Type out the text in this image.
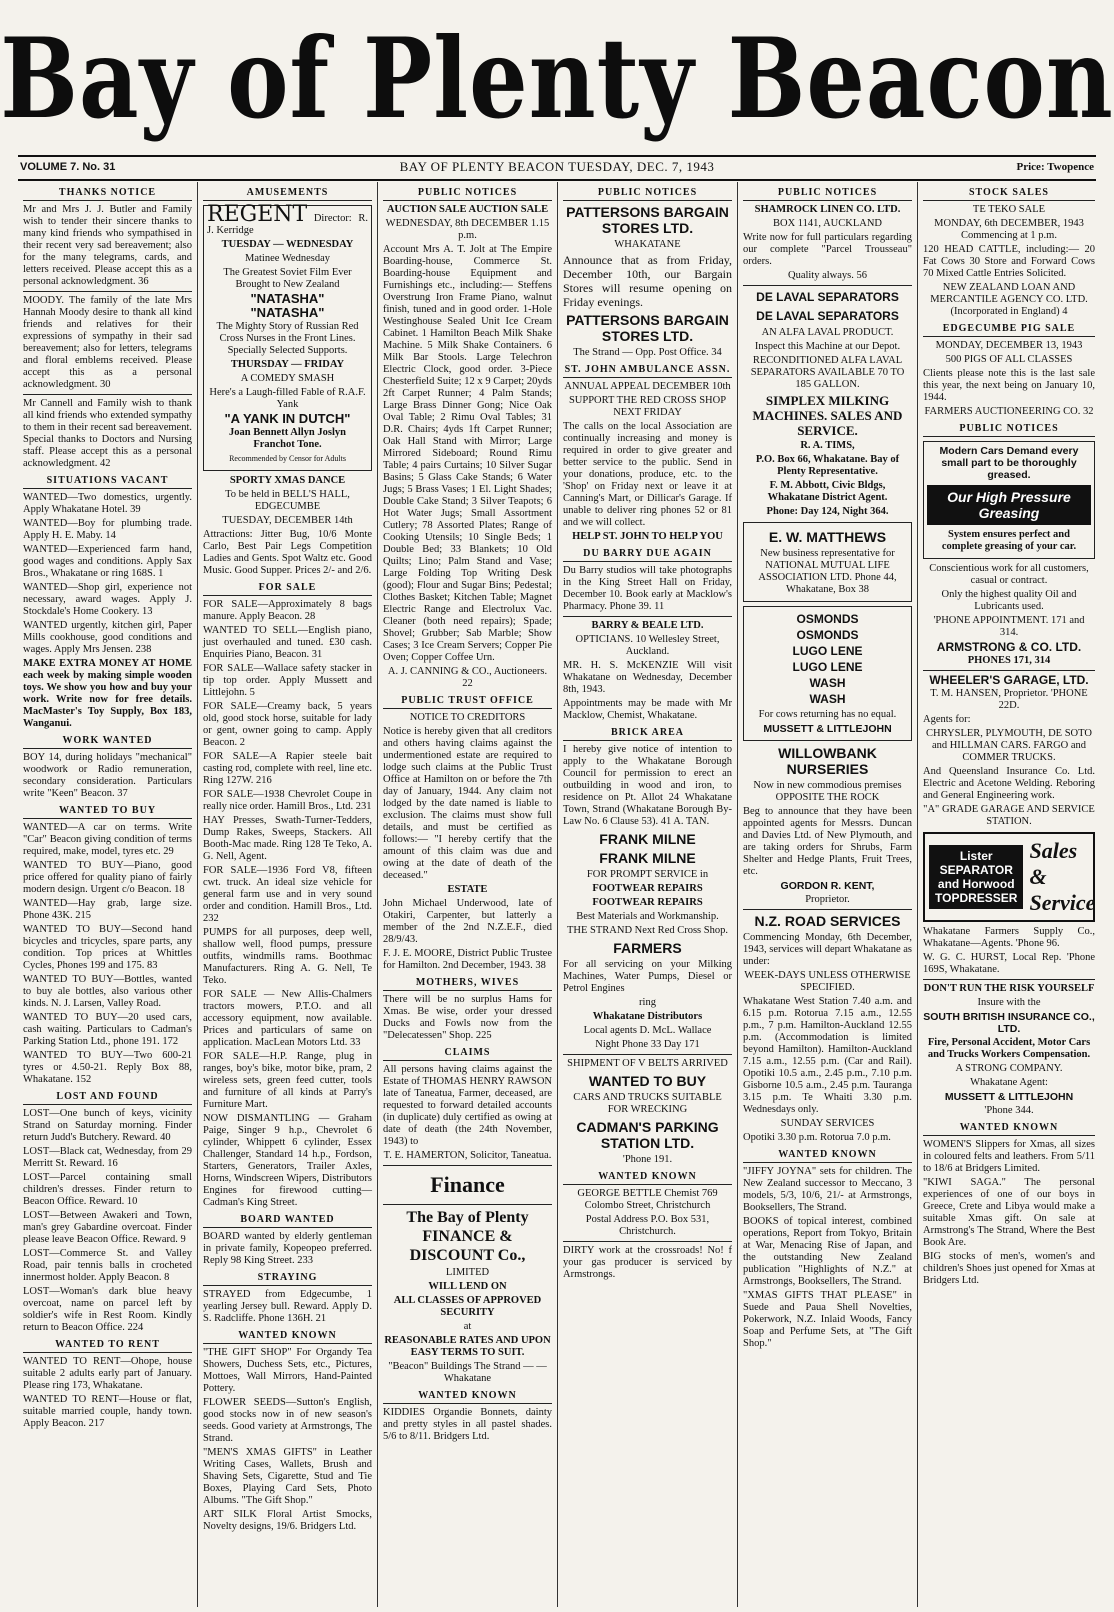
Bay of Plenty Beacon
VOLUME 7. No. 31	BAY OF PLENTY BEACON TUESDAY, DEC. 7, 1943	Price: Twopence
THANKS NOTICE

Mr and Mrs J. J. Butler and Family wish to tender their sincere thanks to many kind friends who sympathised in their recent very sad bereavement; also for the many telegrams, cards, and letters received. Please accept this as a personal acknowledgment. 36

MOODY. The family of the late Mrs Hannah Moody desire to thank all kind friends and relatives for their expressions of sympathy in their sad bereavement; also for letters, telegrams and floral emblems received. Please accept this as a personal acknowledgment. 30

Mr Cannell and Family wish to thank all kind friends who extended sympathy to them in their recent sad bereavement. Special thanks to Doctors and Nursing staff. Please accept this as a personal acknowledgment. 42

SITUATIONS VACANT

WANTED—Two domestics, urgently. Apply Whakatane Hotel. 39

WANTED—Boy for plumbing trade. Apply H. E. Maby. 14

WANTED—Experienced farm hand, good wages and conditions. Apply Sax Bros., Whakatane or ring 168S. 1

WANTED—Shop girl, experience not necessary, award wages. Apply J. Stockdale's Home Cookery. 13

WANTED urgently, kitchen girl, Paper Mills cookhouse, good conditions and wages. Apply Mrs Jensen. 238

MAKE EXTRA MONEY AT HOME each week by making simple wooden toys. We show you how and buy your work. Write now for free details. MacMaster's Toy Supply, Box 183, Wanganui.

WORK WANTED

BOY 14, during holidays "mechanical" woodwork or Radio remuneration, secondary consideration. Particulars write "Keen" Beacon. 37

WANTED TO BUY

WANTED—A car on terms. Write "Car" Beacon giving condition of terms required, make, model, tyres etc. 29

WANTED TO BUY—Piano, good price offered for quality piano of fairly modern design. Urgent c/o Beacon. 18

WANTED—Hay grab, large size. Phone 43K. 215

WANTED TO BUY—Second hand bicycles and tricycles, spare parts, any condition. Top prices at Whittles Cycles, Phones 199 and 175. 83

WANTED TO BUY—Bottles, wanted to buy ale bottles, also various other kinds. N. J. Larsen, Valley Road.

WANTED TO BUY—20 used cars, cash waiting. Particulars to Cadman's Parking Station Ltd., phone 191. 172

WANTED TO BUY—Two 600-21 tyres or 4.50-21. Reply Box 88, Whakatane. 152

LOST AND FOUND

LOST—One bunch of keys, vicinity Strand on Saturday morning. Finder return Judd's Butchery. Reward. 40

LOST—Black cat, Wednesday, from 29 Merritt St. Reward. 16

LOST—Parcel containing small children's dresses. Finder return to Beacon Office. Reward. 10

LOST—Between Awakeri and Town, man's grey Gabardine overcoat. Finder please leave Beacon Office. Reward. 9

LOST—Commerce St. and Valley Road, pair tennis balls in crocheted innermost holder. Apply Beacon. 8

LOST—Woman's dark blue heavy overcoat, name on parcel left by soldier's wife in Rest Room. Kindly return to Beacon Office. 224

WANTED TO RENT

WANTED TO RENT—Ohope, house suitable 2 adults early part of January. Please ring 173, Whakatane.

WANTED TO RENT—House or flat, suitable married couple, handy town. Apply Beacon. 217

AMUSEMENTS

REGENT Director: R. J. Kerridge

TUESDAY — WEDNESDAY

Matinee Wednesday

The Greatest Soviet Film Ever Brought to New Zealand

"NATASHA"

"NATASHA"

The Mighty Story of Russian Red Cross Nurses in the Front Lines. Specially Selected Supports.

THURSDAY — FRIDAY

A COMEDY SMASH

Here's a Laugh-filled Fable of R.A.F. Yank

"A YANK IN DUTCH"

Joan Bennett Allyn Joslyn Franchot Tone.

Recommended by Censor for Adults

SPORTY XMAS DANCE

To be held in BELL'S HALL, EDGECUMBE

TUESDAY, DECEMBER 14th

Attractions: Jitter Bug, 10/6 Monte Carlo, Best Pair Legs Competition Ladies and Gents. Spot Waltz etc. Good Music. Good Supper. Prices 2/- and 2/6.

FOR SALE

FOR SALE—Approximately 8 bags manure. Apply Beacon. 28

WANTED TO SELL—English piano, just overhauled and tuned. £30 cash. Enquiries Piano, Beacon. 31

FOR SALE—Wallace safety stacker in tip top order. Apply Mussett and Littlejohn. 5

FOR SALE—Creamy back, 5 years old, good stock horse, suitable for lady or gent, owner going to camp. Apply Beacon. 2

FOR SALE—A Rapier steele bait casting rod, complete with reel, line etc. Ring 127W. 216

FOR SALE—1938 Chevrolet Coupe in really nice order. Hamill Bros., Ltd. 231

HAY Presses, Swath-Turner-Tedders, Dump Rakes, Sweeps, Stackers. All Booth-Mac made. Ring 128 Te Teko, A. G. Nell, Agent.

FOR SALE—1936 Ford V8, fifteen cwt. truck. An ideal size vehicle for general farm use and in very sound order and condition. Hamill Bros., Ltd. 232

PUMPS for all purposes, deep well, shallow well, flood pumps, pressure outfits, windmills rams. Boothmac Manufacturers. Ring A. G. Nell, Te Teko.

FOR SALE — New Allis-Chalmers tractors mowers, P.T.O. and all accessory equipment, now available. Prices and particulars of same on application. MacLean Motors Ltd. 33

FOR SALE—H.P. Range, plug in ranges, boy's bike, motor bike, pram, 2 wireless sets, green feed cutter, tools and furniture of all kinds at Parry's Furniture Mart.

NOW DISMANTLING — Graham Paige, Singer 9 h.p., Chevrolet 6 cylinder, Whippett 6 cylinder, Essex Challenger, Standard 14 h.p., Fordson, Starters, Generators, Trailer Axles, Horns, Windscreen Wipers, Distributors Engines for firewood cutting—Cadman's King Street.

BOARD WANTED

BOARD wanted by elderly gentleman in private family, Kopeopeo preferred. Reply 98 King Street. 233

STRAYING

STRAYED from Edgecumbe, 1 yearling Jersey bull. Reward. Apply D. S. Radcliffe. Phone 136H. 21

WANTED KNOWN

"THE GIFT SHOP" For Organdy Tea Showers, Duchess Sets, etc., Pictures, Mottoes, Wall Mirrors, Hand-Painted Pottery.

FLOWER SEEDS—Sutton's English, good stocks now in of new season's seeds. Good variety at Armstrongs, The Strand.

"MEN'S XMAS GIFTS" in Leather Writing Cases, Wallets, Brush and Shaving Sets, Cigarette, Stud and Tie Boxes, Playing Card Sets, Photo Albums. "The Gift Shop."

ART SILK Floral Artist Smocks, Novelty designs, 19/6. Bridgers Ltd.

PUBLIC NOTICES

AUCTION SALE AUCTION SALE

WEDNESDAY, 8th DECEMBER 1.15 p.m.

Account Mrs A. T. Jolt at The Empire Boarding-house, Commerce St. Boarding-house Equipment and Furnishings etc., including:— Steffens Overstrung Iron Frame Piano, walnut finish, tuned and in good order. 1-Hole Westinghouse Sealed Unit Ice Cream Cabinet. 1 Hamilton Beach Milk Shake Machine. 5 Milk Shake Containers. 6 Milk Bar Stools. Large Telechron Electric Clock, good order. 3-Piece Chesterfield Suite; 12 x 9 Carpet; 20yds 2ft Carpet Runner; 4 Palm Stands; Large Brass Dinner Gong; Nice Oak Oval Table; 2 Rimu Oval Tables; 31 D.R. Chairs; 4yds 1ft Carpet Runner; Oak Hall Stand with Mirror; Large Mirrored Sideboard; Round Rimu Table; 4 pairs Curtains; 10 Silver Sugar Basins; 5 Glass Cake Stands; 6 Water Jugs; 5 Brass Vases; 1 El. Light Shades; Double Cake Stand; 3 Silver Teapots; 6 Hot Water Jugs; Small Assortment Cutlery; 78 Assorted Plates; Range of Cooking Utensils; 10 Single Beds; 1 Double Bed; 33 Blankets; 10 Old Quilts; Lino; Palm Stand and Vase; Large Folding Top Writing Desk (good); Flour and Sugar Bins; Pedestal; Clothes Basket; Kitchen Table; Magnet Electric Range and Electrolux Vac. Cleaner (both need repairs); Spade; Shovel; Grubber; Sab Marble; Show Cases; 3 Ice Cream Servers; Copper Pie Oven; Copper Coffee Urn.

A. J. CANNING & CO., Auctioneers. 22

PUBLIC TRUST OFFICE

NOTICE TO CREDITORS

Notice is hereby given that all creditors and others having claims against the undermentioned estate are required to lodge such claims at the Public Trust Office at Hamilton on or before the 7th day of January, 1944. Any claim not lodged by the date named is liable to exclusion. The claims must show full details, and must be certified as follows:— "I hereby certify that the amount of this claim was due and owing at the date of death of the deceased."

ESTATE

John Michael Underwood, late of Otakiri, Carpenter, but latterly a member of the 2nd N.Z.E.F., died 28/9/43.

F. J. E. MOORE, District Public Trustee for Hamilton. 2nd December, 1943. 38

MOTHERS, WIVES

There will be no surplus Hams for Xmas. Be wise, order your dressed Ducks and Fowls now from the "Delecatessen" Shop. 225

CLAIMS

All persons having claims against the Estate of THOMAS HENRY RAWSON late of Taneatua, Farmer, deceased, are requested to forward detailed accounts (in duplicate) duly certified as owing at date of death (the 24th November, 1943) to

T. E. HAMERTON, Solicitor, Taneatua.

Finance

The Bay of Plenty FINANCE & DISCOUNT Co.,

LIMITED

WILL LEND ON

ALL CLASSES OF APPROVED SECURITY

at

REASONABLE RATES AND UPON EASY TERMS TO SUIT.

"Beacon" Buildings The Strand — — Whakatane

WANTED KNOWN

KIDDIES Organdie Bonnets, dainty and pretty styles in all pastel shades. 5/6 to 8/11. Bridgers Ltd.

PUBLIC NOTICES
PATTERSONS BARGAIN STORES LTD.

WHAKATANE

Announce that as from Friday, December 10th, our Bargain Stores will resume opening on Friday evenings.

PATTERSONS BARGAIN STORES LTD.

The Strand — Opp. Post Office. 34

ST. JOHN AMBULANCE ASSN.

ANNUAL APPEAL DECEMBER 10th

SUPPORT THE RED CROSS SHOP NEXT FRIDAY

The calls on the local Association are continually increasing and money is required in order to give greater and better service to the public. Send in your donations, produce, etc. to the 'Shop' on Friday next or leave it at Canning's Mart, or Dillicar's Garage. If unable to deliver ring phones 52 or 81 and we will collect.

HELP ST. JOHN TO HELP YOU

DU BARRY DUE AGAIN

Du Barry studios will take photographs in the King Street Hall on Friday, December 10. Book early at Macklow's Pharmacy. Phone 39. 11

BARRY & BEALE LTD.

OPTICIANS. 10 Wellesley Street, Auckland.

MR. H. S. McKENZIE Will visit Whakatane on Wednesday, December 8th, 1943.

Appointments may be made with Mr Macklow, Chemist, Whakatane.

BRICK AREA

I hereby give notice of intention to apply to the Whakatane Borough Council for permission to erect an outbuilding in wood and iron, to residence on Pt. Allot 24 Whakatane Town, Strand (Whakatane Borough By-Law No. 6 Clause 53). 41 A. TAN.

FRANK MILNE
FRANK MILNE

FOR PROMPT SERVICE in

FOOTWEAR REPAIRS

FOOTWEAR REPAIRS

Best Materials and Workmanship.

THE STRAND Next Red Cross Shop.

FARMERS

For all servicing on your Milking Machines, Water Pumps, Diesel or Petrol Engines

ring

Whakatane Distributors

Local agents D. McL. Wallace

Night Phone 33 Day 171

SHIPMENT OF V BELTS ARRIVED

WANTED TO BUY

CARS AND TRUCKS SUITABLE FOR WRECKING

CADMAN'S PARKING STATION LTD.

'Phone 191.

WANTED KNOWN

GEORGE BETTLE Chemist 769 Colombo Street, Christchurch

Postal Address P.O. Box 531, Christchurch.

DIRTY work at the crossroads! No! f your gas producer is serviced by Armstrongs.

PUBLIC NOTICES

SHAMROCK LINEN CO. LTD.

BOX 1141, AUCKLAND

Write now for full particulars regarding our complete "Parcel Trousseau" orders.

Quality always. 56

DE LAVAL SEPARATORS
DE LAVAL SEPARATORS

AN ALFA LAVAL PRODUCT.

Inspect this Machine at our Depot.

RECONDITIONED ALFA LAVAL SEPARATORS AVAILABLE 70 TO 185 GALLON.

SIMPLEX MILKING MACHINES. SALES AND SERVICE.

R. A. TIMS,

P.O. Box 66, Whakatane. Bay of Plenty Representative.

F. M. Abbott, Civic Bldgs, Whakatane District Agent.

Phone: Day 124, Night 364.

E. W. MATTHEWS

New business representative for NATIONAL MUTUAL LIFE ASSOCIATION LTD. Phone 44, Whakatane, Box 38

OSMONDS
OSMONDS
LUGO LENE
LUGO LENE
WASH
WASH

For cows returning has no equal.

MUSSETT & LITTLEJOHN

WILLOWBANK NURSERIES

Now in new commodious premises OPPOSITE THE ROCK

Beg to announce that they have been appointed agents for Messrs. Duncan and Davies Ltd. of New Plymouth, and are taking orders for Shrubs, Farm Shelter and Hedge Plants, Fruit Trees, etc.

GORDON R. KENT,

Proprietor.

N.Z. ROAD SERVICES

Commencing Monday, 6th December, 1943, services will depart Whakatane as under:

WEEK-DAYS UNLESS OTHERWISE SPECIFIED.

Whakatane West Station 7.40 a.m. and 6.15 p.m. Rotorua 7.15 a.m., 12.55 p.m., 7 p.m. Hamilton-Auckland 12.55 p.m. (Accommodation is limited beyond Hamilton). Hamilton-Auckland 7.15 a.m., 12.55 p.m. (Car and Rail). Opotiki 10.5 a.m., 2.45 p.m., 7.10 p.m. Gisborne 10.5 a.m., 2.45 p.m. Tauranga 3.15 p.m. Te Whaiti 3.30 p.m. Wednesdays only.

SUNDAY SERVICES

Opotiki 3.30 p.m. Rotorua 7.0 p.m.

WANTED KNOWN

"JIFFY JOYNA" sets for children. The New Zealand successor to Meccano, 3 models, 5/3, 10/6, 21/- at Armstrongs, Booksellers, The Strand.

BOOKS of topical interest, combined operations, Report from Tokyo, Britain at War, Menacing Rise of Japan, and the outstanding New Zealand publication "Highlights of N.Z." at Armstrongs, Booksellers, The Strand.

"XMAS GIFTS THAT PLEASE" in Suede and Paua Shell Novelties, Pokerwork, N.Z. Inlaid Woods, Fancy Soap and Perfume Sets, at "The Gift Shop."

STOCK SALES

TE TEKO SALE

MONDAY, 6th DECEMBER, 1943 Commencing at 1 p.m.

120 HEAD CATTLE, including:— 20 Fat Cows 30 Store and Forward Cows 70 Mixed Cattle Entries Solicited.

NEW ZEALAND LOAN AND MERCANTILE AGENCY CO. LTD. (Incorporated in England) 4

EDGECUMBE PIG SALE

MONDAY, DECEMBER 13, 1943

500 PIGS OF ALL CLASSES

Clients please note this is the last sale this year, the next being on January 10, 1944.

FARMERS AUCTIONEERING CO. 32

PUBLIC NOTICES

Modern Cars Demand every small part to be thoroughly greased.

Our High Pressure Greasing

System ensures perfect and complete greasing of your car.

Conscientious work for all customers, casual or contract.

Only the highest quality Oil and Lubricants used.

'PHONE APPOINTMENT. 171 and 314.

ARMSTRONG & CO. LTD.

PHONES 171, 314

WHEELER'S GARAGE, LTD.

T. M. HANSEN, Proprietor. 'PHONE 22D.

Agents for:

CHRYSLER, PLYMOUTH, DE SOTO and HILLMAN CARS. FARGO and COMMER TRUCKS.

And Queensland Insurance Co. Ltd. Electric and Acetone Welding. Reboring and General Engineering work.

"A" GRADE GARAGE AND SERVICE STATION.

Lister SEPARATOR and Horwood TOPDRESSER
Sales & Service

Whakatane Farmers Supply Co., Whakatane—Agents. 'Phone 96.

W. G. C. HURST, Local Rep. 'Phone 169S, Whakatane.

DON'T RUN THE RISK YOURSELF

Insure with the

SOUTH BRITISH INSURANCE CO., LTD.

Fire, Personal Accident, Motor Cars and Trucks Workers Compensation.

A STRONG COMPANY.

Whakatane Agent:

MUSSETT & LITTLEJOHN

'Phone 344.

WANTED KNOWN

WOMEN'S Slippers for Xmas, all sizes in coloured felts and leathers. From 5/11 to 18/6 at Bridgers Limited.

"KIWI SAGA." The personal experiences of one of our boys in Greece, Crete and Libya would make a suitable Xmas gift. On sale at Armstrong's The Strand, Where the Best Book Are.

BIG stocks of men's, women's and children's Shoes just opened for Xmas at Bridgers Ltd.
